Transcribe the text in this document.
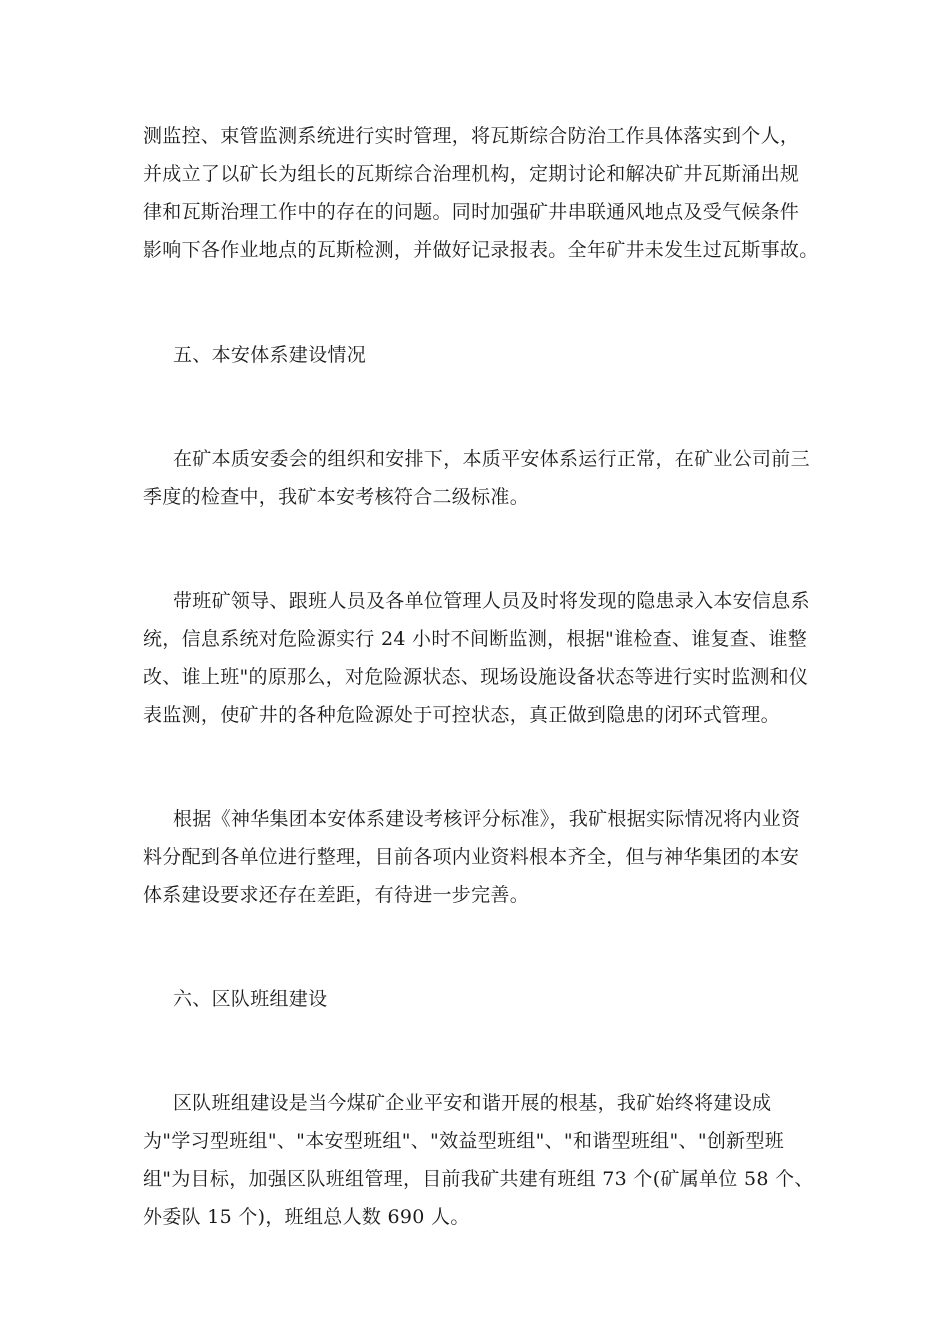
测监控、束管监测系统进行实时管理，将瓦斯综合防治工作具体落实到个人，
并成立了以矿长为组长的瓦斯综合治理机构，定期讨论和解决矿井瓦斯涌出规
律和瓦斯治理工作中的存在的问题。同时加强矿井串联通风地点及受气候条件
影响下各作业地点的瓦斯检测，并做好记录报表。全年矿井未发生过瓦斯事故。
五、本安体系建设情况
在矿本质安委会的组织和安排下，本质平安体系运行正常，在矿业公司前三
季度的检查中，我矿本安考核符合二级标准。
带班矿领导、跟班人员及各单位管理人员及时将发现的隐患录入本安信息系
统，信息系统对危险源实行 24 小时不间断监测，根据"谁检查、谁复查、谁整
改、谁上班"的原那么，对危险源状态、现场设施设备状态等进行实时监测和仪
表监测，使矿井的各种危险源处于可控状态，真正做到隐患的闭环式管理。
根据《神华集团本安体系建设考核评分标准》，我矿根据实际情况将内业资
料分配到各单位进行整理，目前各项内业资料根本齐全，但与神华集团的本安
体系建设要求还存在差距，有待进一步完善。
六、区队班组建设
区队班组建设是当今煤矿企业平安和谐开展的根基，我矿始终将建设成
为"学习型班组"、"本安型班组"、"效益型班组"、"和谐型班组"、"创新型班
组"为目标，加强区队班组管理，目前我矿共建有班组 73 个(矿属单位 58 个、
外委队 15 个)，班组总人数 690 人。
